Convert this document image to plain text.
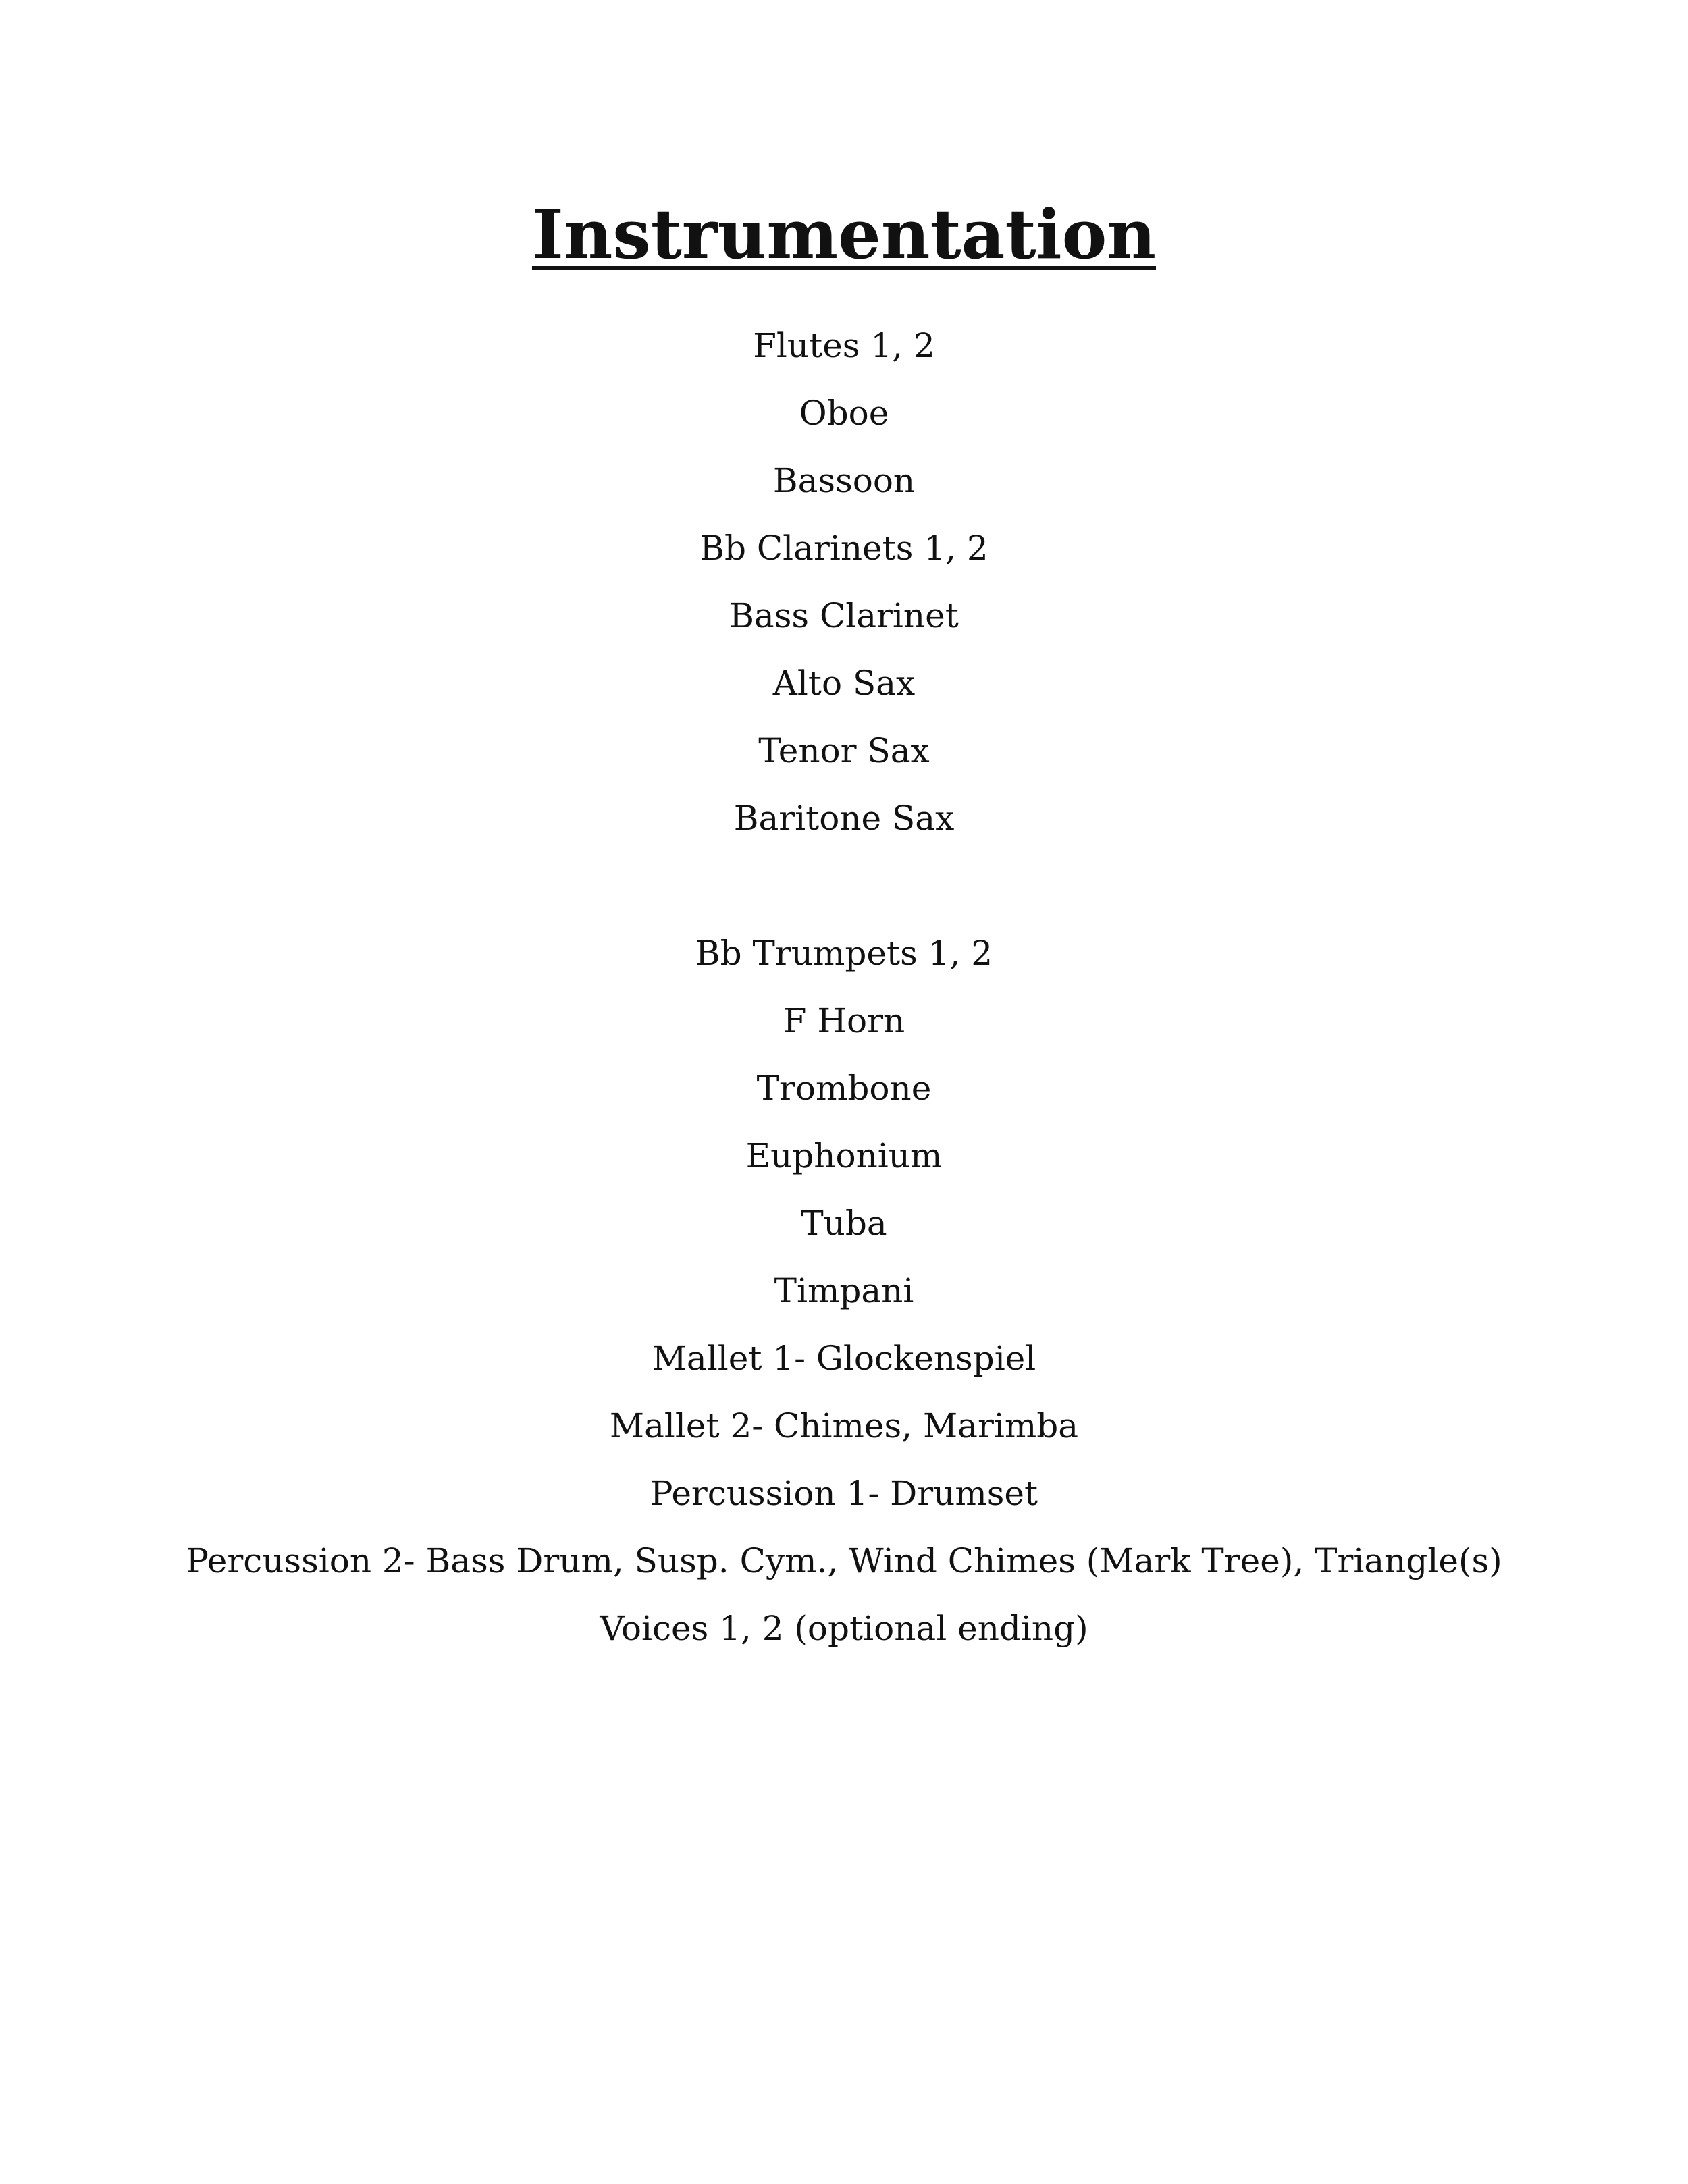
Instrumentation
Flutes 1, 2
Oboe
Bassoon
Bb Clarinets 1, 2
Bass Clarinet
Alto Sax
Tenor Sax
Baritone Sax
Bb Trumpets 1, 2
F Horn
Trombone
Euphonium
Tuba
Timpani
Mallet 1- Glockenspiel
Mallet 2- Chimes, Marimba
Percussion 1- Drumset
Percussion 2- Bass Drum, Susp. Cym., Wind Chimes (Mark Tree), Triangle(s)
Voices 1, 2 (optional ending)
